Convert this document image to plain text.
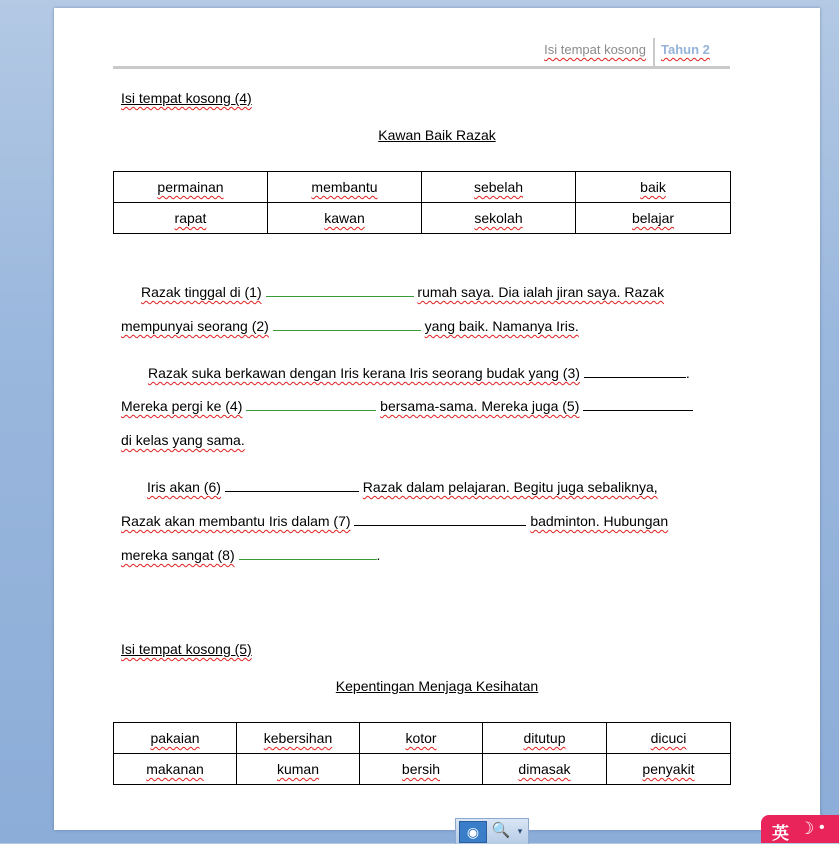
Isi tempat kosong Tahun 2
Isi tempat kosong (4)
Kawan Baik Razak
permainan	membantu	sebelah	baik
rapat	kawan	sekolah	belajar
Razak tinggal di (1)	rumah saya. Dia ialah jiran saya. Razak
mempunyai seorang (2)	yang baik. Namanya Iris.
Razak suka berkawan dengan Iris kerana Iris seorang budak yang (3)	.
Mereka pergi ke (4)	bersama-sama. Mereka juga (5)
di kelas yang sama.
Iris akan (6)	Razak dalam pelajaran. Begitu juga sebaliknya,
Razak akan membantu Iris dalam (7)	badminton. Hubungan
mereka sangat (8)	.
Isi tempat kosong (5)
Kepentingan Menjaga Kesihatan
pakaian	kebersihan	kotor	ditutup	dicuci
makanan	kuman	bersih	dimasak	penyakit
◉ 🔍 ▾	英 ☽ •
